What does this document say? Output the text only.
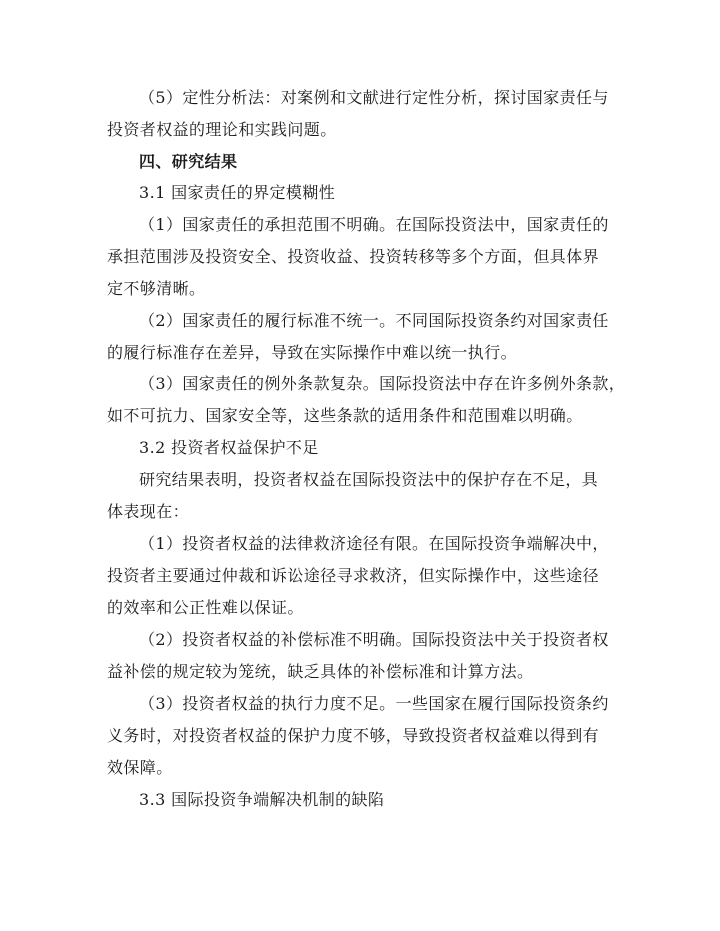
（5）定性分析法：对案例和文献进行定性分析，探讨国家责任与
投资者权益的理论和实践问题。
四、研究结果
3.1 国家责任的界定模糊性
（1）国家责任的承担范围不明确。在国际投资法中，国家责任的
承担范围涉及投资安全、投资收益、投资转移等多个方面，但具体界
定不够清晰。
（2）国家责任的履行标准不统一。不同国际投资条约对国家责任
的履行标准存在差异，导致在实际操作中难以统一执行。
（3）国家责任的例外条款复杂。国际投资法中存在许多例外条款，
如不可抗力、国家安全等，这些条款的适用条件和范围难以明确。
3.2 投资者权益保护不足
研究结果表明，投资者权益在国际投资法中的保护存在不足，具
体表现在：
（1）投资者权益的法律救济途径有限。在国际投资争端解决中，
投资者主要通过仲裁和诉讼途径寻求救济，但实际操作中，这些途径
的效率和公正性难以保证。
（2）投资者权益的补偿标准不明确。国际投资法中关于投资者权
益补偿的规定较为笼统，缺乏具体的补偿标准和计算方法。
（3）投资者权益的执行力度不足。一些国家在履行国际投资条约
义务时，对投资者权益的保护力度不够，导致投资者权益难以得到有
效保障。
3.3 国际投资争端解决机制的缺陷
